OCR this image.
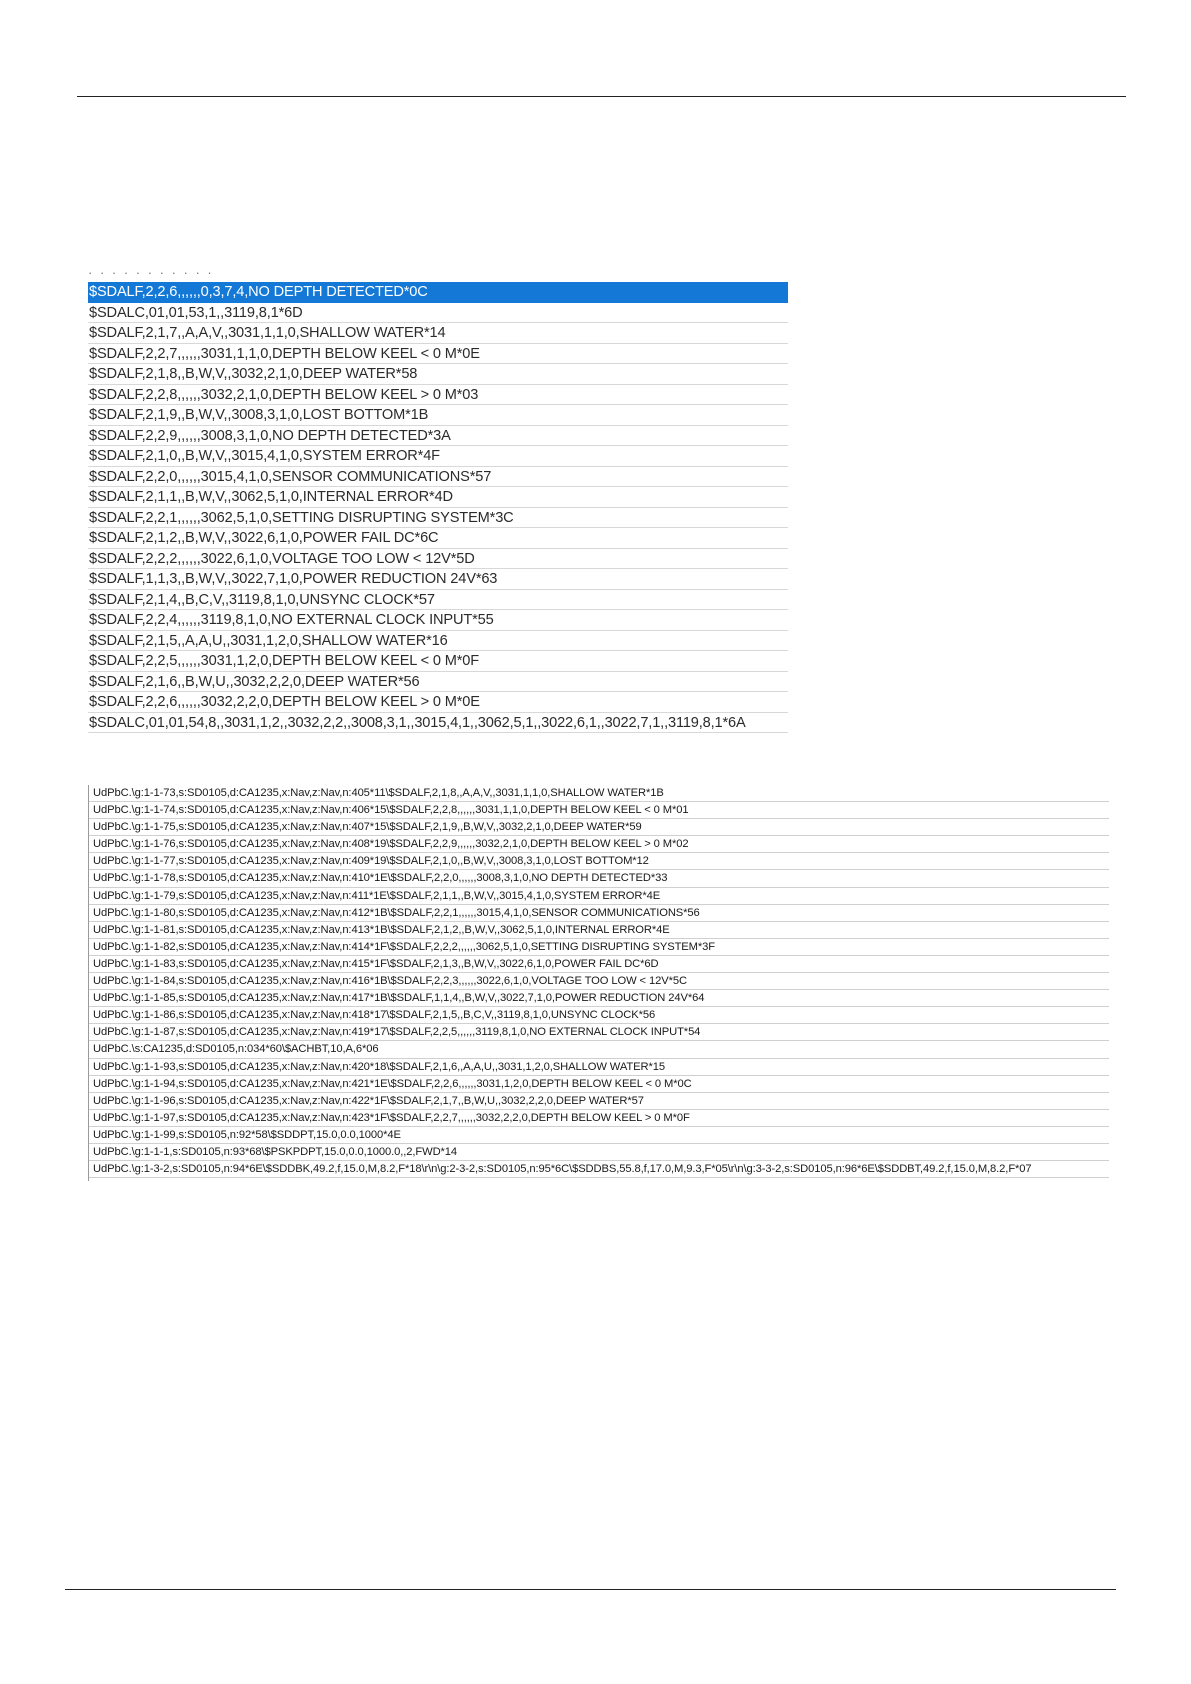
· · · · · · · · · · ·
$SDALF,2,2,6,,,,,,0,3,7,4,NO DEPTH DETECTED*0C
$SDALC,01,01,53,1,,3119,8,1*6D
$SDALF,2,1,7,,A,A,V,,3031,1,1,0,SHALLOW WATER*14
$SDALF,2,2,7,,,,,,3031,1,1,0,DEPTH BELOW KEEL < 0 M*0E
$SDALF,2,1,8,,B,W,V,,3032,2,1,0,DEEP WATER*58
$SDALF,2,2,8,,,,,,3032,2,1,0,DEPTH BELOW KEEL > 0 M*03
$SDALF,2,1,9,,B,W,V,,3008,3,1,0,LOST BOTTOM*1B
$SDALF,2,2,9,,,,,,3008,3,1,0,NO DEPTH DETECTED*3A
$SDALF,2,1,0,,B,W,V,,3015,4,1,0,SYSTEM ERROR*4F
$SDALF,2,2,0,,,,,,3015,4,1,0,SENSOR COMMUNICATIONS*57
$SDALF,2,1,1,,B,W,V,,3062,5,1,0,INTERNAL ERROR*4D
$SDALF,2,2,1,,,,,,3062,5,1,0,SETTING DISRUPTING SYSTEM*3C
$SDALF,2,1,2,,B,W,V,,3022,6,1,0,POWER FAIL DC*6C
$SDALF,2,2,2,,,,,,3022,6,1,0,VOLTAGE TOO LOW < 12V*5D
$SDALF,1,1,3,,B,W,V,,3022,7,1,0,POWER REDUCTION 24V*63
$SDALF,2,1,4,,B,C,V,,3119,8,1,0,UNSYNC CLOCK*57
$SDALF,2,2,4,,,,,,3119,8,1,0,NO EXTERNAL CLOCK INPUT*55
$SDALF,2,1,5,,A,A,U,,3031,1,2,0,SHALLOW WATER*16
$SDALF,2,2,5,,,,,,3031,1,2,0,DEPTH BELOW KEEL < 0 M*0F
$SDALF,2,1,6,,B,W,U,,3032,2,2,0,DEEP WATER*56
$SDALF,2,2,6,,,,,,3032,2,2,0,DEPTH BELOW KEEL > 0 M*0E
$SDALC,01,01,54,8,,3031,1,2,,3032,2,2,,3008,3,1,,3015,4,1,,3062,5,1,,3022,6,1,,3022,7,1,,3119,8,1*6A
UdPbC.\g:1-1-73,s:SD0105,d:CA1235,x:Nav,z:Nav,n:405*11\$SDALF,2,1,8,,A,A,V,,3031,1,1,0,SHALLOW WATER*1B
UdPbC.\g:1-1-74,s:SD0105,d:CA1235,x:Nav,z:Nav,n:406*15\$SDALF,2,2,8,,,,,,3031,1,1,0,DEPTH BELOW KEEL < 0 M*01
UdPbC.\g:1-1-75,s:SD0105,d:CA1235,x:Nav,z:Nav,n:407*15\$SDALF,2,1,9,,B,W,V,,3032,2,1,0,DEEP WATER*59
UdPbC.\g:1-1-76,s:SD0105,d:CA1235,x:Nav,z:Nav,n:408*19\$SDALF,2,2,9,,,,,,3032,2,1,0,DEPTH BELOW KEEL > 0 M*02
UdPbC.\g:1-1-77,s:SD0105,d:CA1235,x:Nav,z:Nav,n:409*19\$SDALF,2,1,0,,B,W,V,,3008,3,1,0,LOST BOTTOM*12
UdPbC.\g:1-1-78,s:SD0105,d:CA1235,x:Nav,z:Nav,n:410*1E\$SDALF,2,2,0,,,,,,3008,3,1,0,NO DEPTH DETECTED*33
UdPbC.\g:1-1-79,s:SD0105,d:CA1235,x:Nav,z:Nav,n:411*1E\$SDALF,2,1,1,,B,W,V,,3015,4,1,0,SYSTEM ERROR*4E
UdPbC.\g:1-1-80,s:SD0105,d:CA1235,x:Nav,z:Nav,n:412*1B\$SDALF,2,2,1,,,,,,3015,4,1,0,SENSOR COMMUNICATIONS*56
UdPbC.\g:1-1-81,s:SD0105,d:CA1235,x:Nav,z:Nav,n:413*1B\$SDALF,2,1,2,,B,W,V,,3062,5,1,0,INTERNAL ERROR*4E
UdPbC.\g:1-1-82,s:SD0105,d:CA1235,x:Nav,z:Nav,n:414*1F\$SDALF,2,2,2,,,,,,3062,5,1,0,SETTING DISRUPTING SYSTEM*3F
UdPbC.\g:1-1-83,s:SD0105,d:CA1235,x:Nav,z:Nav,n:415*1F\$SDALF,2,1,3,,B,W,V,,3022,6,1,0,POWER FAIL DC*6D
UdPbC.\g:1-1-84,s:SD0105,d:CA1235,x:Nav,z:Nav,n:416*1B\$SDALF,2,2,3,,,,,,3022,6,1,0,VOLTAGE TOO LOW < 12V*5C
UdPbC.\g:1-1-85,s:SD0105,d:CA1235,x:Nav,z:Nav,n:417*1B\$SDALF,1,1,4,,B,W,V,,3022,7,1,0,POWER REDUCTION 24V*64
UdPbC.\g:1-1-86,s:SD0105,d:CA1235,x:Nav,z:Nav,n:418*17\$SDALF,2,1,5,,B,C,V,,3119,8,1,0,UNSYNC CLOCK*56
UdPbC.\g:1-1-87,s:SD0105,d:CA1235,x:Nav,z:Nav,n:419*17\$SDALF,2,2,5,,,,,,3119,8,1,0,NO EXTERNAL CLOCK INPUT*54
UdPbC.\s:CA1235,d:SD0105,n:034*60\$ACHBT,10,A,6*06
UdPbC.\g:1-1-93,s:SD0105,d:CA1235,x:Nav,z:Nav,n:420*18\$SDALF,2,1,6,,A,A,U,,3031,1,2,0,SHALLOW WATER*15
UdPbC.\g:1-1-94,s:SD0105,d:CA1235,x:Nav,z:Nav,n:421*1E\$SDALF,2,2,6,,,,,,3031,1,2,0,DEPTH BELOW KEEL < 0 M*0C
UdPbC.\g:1-1-96,s:SD0105,d:CA1235,x:Nav,z:Nav,n:422*1F\$SDALF,2,1,7,,B,W,U,,3032,2,2,0,DEEP WATER*57
UdPbC.\g:1-1-97,s:SD0105,d:CA1235,x:Nav,z:Nav,n:423*1F\$SDALF,2,2,7,,,,,,3032,2,2,0,DEPTH BELOW KEEL > 0 M*0F
UdPbC.\g:1-1-99,s:SD0105,n:92*58\$SDDPT,15.0,0.0,1000*4E
UdPbC.\g:1-1-1,s:SD0105,n:93*68\$PSKPDPT,15.0,0.0,1000.0,,2,FWD*14
UdPbC.\g:1-3-2,s:SD0105,n:94*6E\$SDDBK,49.2,f,15.0,M,8.2,F*18\r\n\g:2-3-2,s:SD0105,n:95*6C\$SDDBS,55.8,f,17.0,M,9.3,F*05\r\n\g:3-3-2,s:SD0105,n:96*6E\$SDDBT,49.2,f,15.0,M,8.2,F*07
